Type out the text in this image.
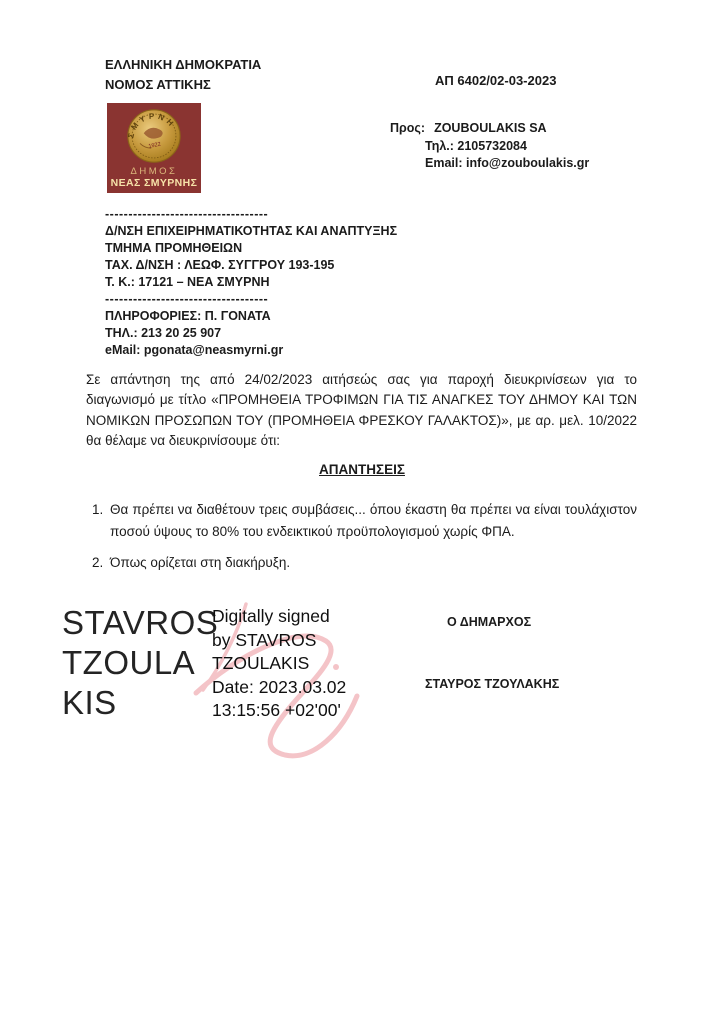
ΕΛΛΗΝΙΚΗ ΔΗΜΟΚΡΑΤΙΑ
ΝΟΜΟΣ ΑΤΤΙΚΗΣ	ΑΠ 6402/02-03-2023
ΣΜΥΡΝΗ
1922
ΔΗΜΟΣ
ΝΕΑΣ ΣΜΥΡΝΗΣ
Προς: ZOUBOULAKIS SA
Τηλ.: 2105732084
Email: info@zouboulakis.gr
-----------------------------------
Δ/ΝΣΗ ΕΠΙΧΕΙΡΗΜΑΤΙΚΟΤΗΤΑΣ ΚΑΙ ΑΝΑΠΤΥΞΗΣ
ΤΜΗΜΑ ΠΡΟΜΗΘΕΙΩΝ
ΤΑΧ. Δ/ΝΣΗ : ΛΕΩΦ. ΣΥΓΓΡΟΥ 193-195
Τ. Κ.: 17121 – ΝΕΑ ΣΜΥΡΝΗ
-----------------------------------
ΠΛΗΡΟΦΟΡΙΕΣ: Π. ΓΟΝΑΤΑ
ΤΗΛ.: 213 20 25 907
eMail: pgonata@neasmyrni.gr
Σε απάντηση της από 24/02/2023 αιτήσεώς σας για παροχή διευκρινίσεων για το διαγωνισμό με τίτλο «ΠΡΟΜΗΘΕΙΑ ΤΡΟΦΙΜΩΝ ΓΙΑ ΤΙΣ ΑΝΑΓΚΕΣ ΤΟΥ ΔΗΜΟΥ ΚΑΙ ΤΩΝ ΝΟΜΙΚΩΝ ΠΡΟΣΩΠΩΝ ΤΟΥ (ΠΡΟΜΗΘΕΙΑ ΦΡΕΣΚΟΥ ΓΑΛΑΚΤΟΣ)», με αρ. μελ. 10/2022 θα θέλαμε να διευκρινίσουμε ότι:
ΑΠΑΝΤΗΣΕΙΣ
1. Θα πρέπει να διαθέτουν τρεις συμβάσεις... όπου έκαστη θα πρέπει να είναι τουλάχιστον ποσού ύψους το 80% του ενδεικτικού προϋπολογισμού χωρίς ΦΠΑ.
2. Όπως ορίζεται στη διακήρυξη.
STAVROS
TZOULA
KIS
Digitally signed
by STAVROS
TZOULAKIS
Date: 2023.03.02
13:15:56 +02'00'
Ο ΔΗΜΑΡΧΟΣ
ΣΤΑΥΡΟΣ ΤΖΟΥΛΑΚΗΣ
